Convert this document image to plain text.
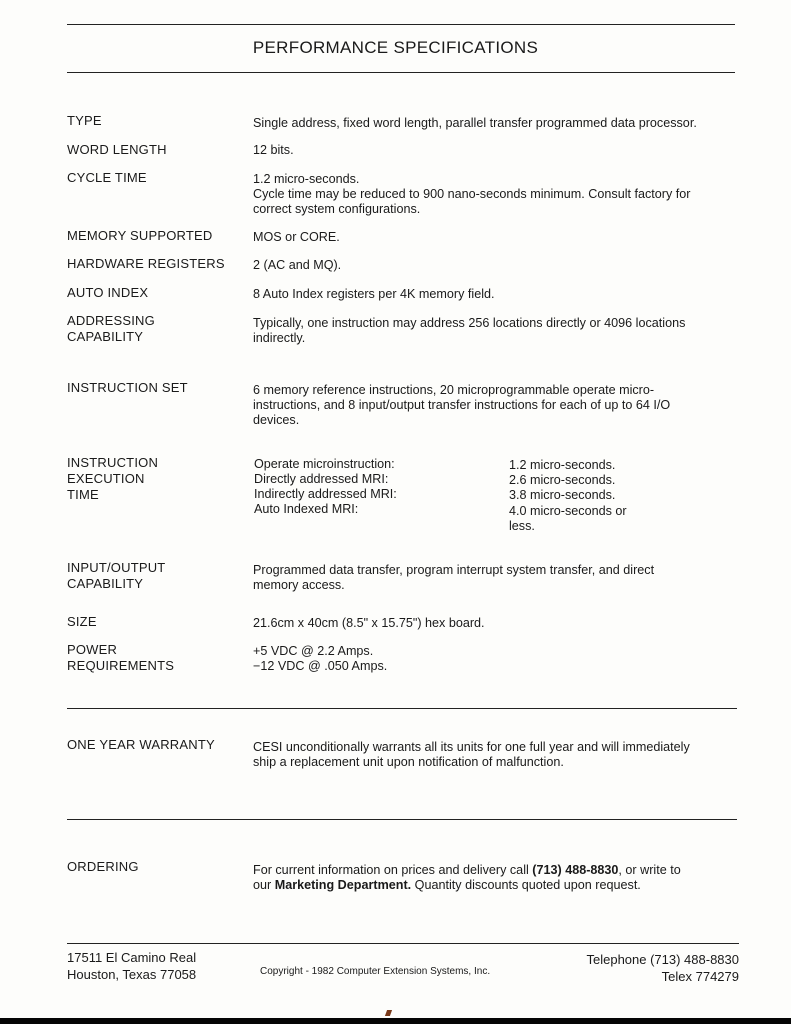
PERFORMANCE SPECIFICATIONS
TYPE	Single address, fixed word length, parallel transfer programmed data processor.
WORD LENGTH	12 bits.
CYCLE TIME	1.2 micro-seconds.
Cycle time may be reduced to 900 nano-seconds minimum. Consult factory for
correct system configurations.
MEMORY SUPPORTED	MOS or CORE.
HARDWARE REGISTERS	2 (AC and MQ).
AUTO INDEX	8 Auto Index registers per 4K memory field.
ADDRESSING
CAPABILITY
Typically, one instruction may address 256 locations directly or 4096 locations
indirectly.
INSTRUCTION SET	6 memory reference instructions, 20 microprogrammable operate micro-
instructions, and 8 input/output transfer instructions for each of up to 64 I/O
devices.
INSTRUCTION
EXECUTION
TIME
Operate microinstruction:	1.2 micro-seconds.
Directly addressed MRI:	2.6 micro-seconds.
Indirectly addressed MRI:	3.8 micro-seconds.
Auto Indexed MRI:	4.0 micro-seconds or
less.
INPUT/OUTPUT
CAPABILITY
Programmed data transfer, program interrupt system transfer, and direct
memory access.
SIZE	21.6cm x 40cm (8.5" x 15.75") hex board.
POWER
REQUIREMENTS
+5 VDC @ 2.2 Amps.
−12 VDC @ .050 Amps.
ONE YEAR WARRANTY	CESI unconditionally warrants all its units for one full year and will immediately
ship a replacement unit upon notification of malfunction.
ORDERING	For current information on prices and delivery call (713) 488-8830, or write to
our Marketing Department. Quantity discounts quoted upon request.
17511 El Camino Real
Houston, Texas 77058	Copyright - 1982 Computer Extension Systems, Inc.
Telephone (713) 488-8830
Telex 774279
